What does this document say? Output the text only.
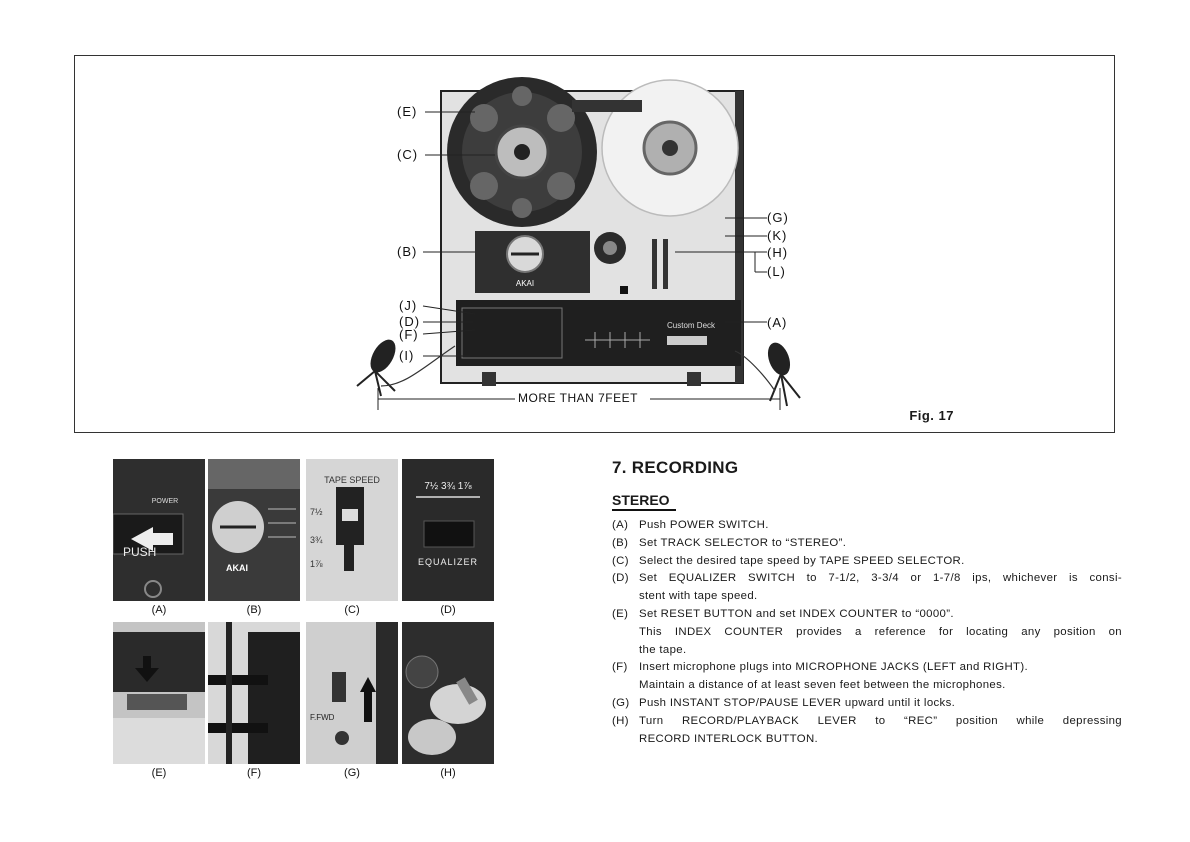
AKAI
Custom Deck
(E)
(C)
(B)
(J)
(D)
(F)
(I)
(G)
(K)
(H)
(L)
(A)
MORE THAN 7FEET
Fig. 17
POWER
PUSH
AKAI
TAPE SPEED
7½
3¾
1⅞
7½ 3¾ 1⅞
EQUALIZER
(A)	(B)	(C)	(D)
F.FWD
(E)	(F)	(G)	(H)
7. RECORDING
STEREO
(A) Push POWER SWITCH.
(B) Set TRACK SELECTOR to “STEREO”.
(C) Select the desired tape speed by TAPE SPEED SELECTOR.
(D) Set EQUALIZER SWITCH to 7-1/2, 3-3/4 or 1-7/8 ips, whichever is consi-
stent with tape speed.
(E) Set RESET BUTTON and set INDEX COUNTER to “0000”.
This INDEX COUNTER provides a reference for locating any position on
the tape.
(F) Insert microphone plugs into MICROPHONE JACKS (LEFT and RIGHT).
Maintain a distance of at least seven feet between the microphones.
(G) Push INSTANT STOP/PAUSE LEVER upward until it locks.
(H) Turn RECORD/PLAYBACK LEVER to “REC” position while depressing
RECORD INTERLOCK BUTTON.
